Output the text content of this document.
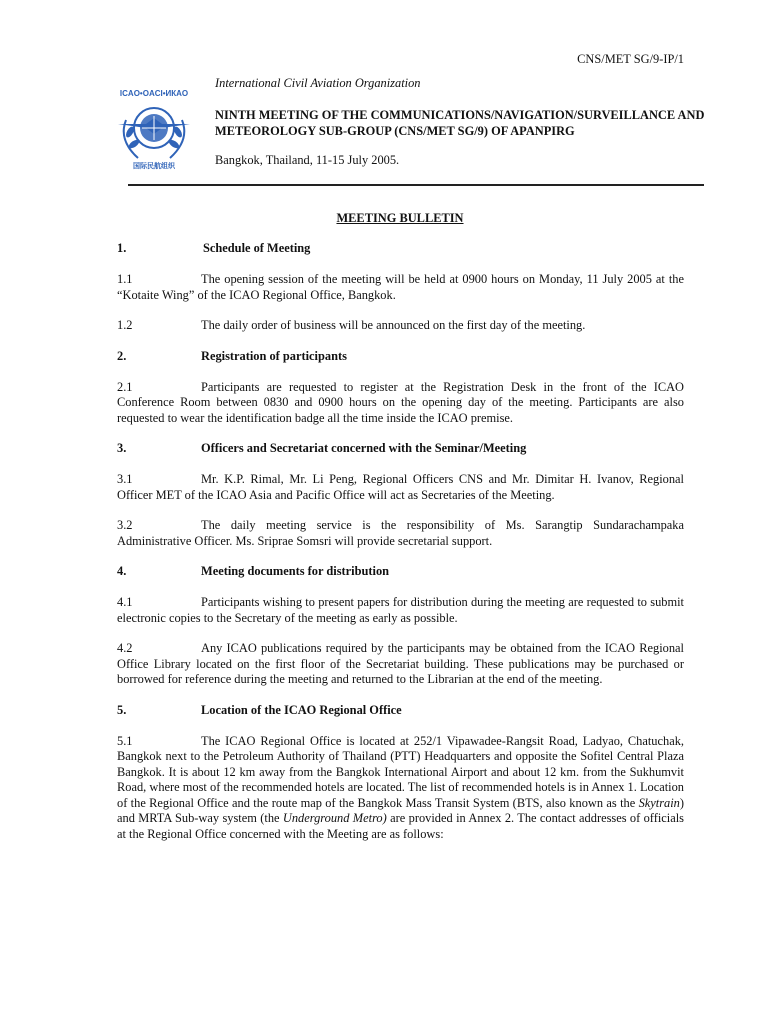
CNS/MET SG/9-IP/1
ICAO•OACI•ИКАО
国际民航组织
International Civil Aviation Organization
NINTH MEETING OF THE COMMUNICATIONS/NAVIGATION/SURVEILLANCE AND METEOROLOGY SUB-GROUP (CNS/MET SG/9) OF APANPIRG
Bangkok, Thailand, 11-15 July 2005.
MEETING BULLETIN
1.	Schedule of Meeting
1.1	The opening session of the meeting will be held at 0900 hours on Monday, 11 July 2005 at the “Kotaite Wing” of the ICAO Regional Office, Bangkok.
1.2	The daily order of business will be announced on the first day of the meeting.
2.	Registration of participants
2.1	Participants are requested to register at the Registration Desk in the front of the ICAO Conference Room between 0830 and 0900 hours on the opening day of the meeting. Participants are also requested to wear the identification badge all the time inside the ICAO premise.
3.	Officers and Secretariat concerned with the Seminar/Meeting
3.1	Mr. K.P. Rimal, Mr. Li Peng, Regional Officers CNS and Mr. Dimitar H. Ivanov, Regional Officer MET of the ICAO Asia and Pacific Office will act as Secretaries of the Meeting.
3.2	The daily meeting service is the responsibility of Ms. Sarangtip Sundarachampaka Administrative Officer. Ms. Sriprae Somsri will provide secretarial support.
4.	Meeting documents for distribution
4.1	Participants wishing to present papers for distribution during the meeting are requested to submit electronic copies to the Secretary of the meeting as early as possible.
4.2	Any ICAO publications required by the participants may be obtained from the ICAO Regional Office Library located on the first floor of the Secretariat building. These publications may be purchased or borrowed for reference during the meeting and returned to the Librarian at the end of the meeting.
5.	Location of the ICAO Regional Office
5.1	The ICAO Regional Office is located at 252/1 Vipawadee-Rangsit Road, Ladyao, Chatuchak, Bangkok next to the Petroleum Authority of Thailand (PTT) Headquarters and opposite the Sofitel Central Plaza Bangkok. It is about 12 km away from the Bangkok International Airport and about 12 km. from the Sukhumvit Road, where most of the recommended hotels are located. The list of recommended hotels is in Annex 1. Location of the Regional Office and the route map of the Bangkok Mass Transit System (BTS, also known as the Skytrain) and MRTA Sub-way system (the Underground Metro) are provided in Annex 2. The contact addresses of officials at the Regional Office concerned with the Meeting are as follows:
